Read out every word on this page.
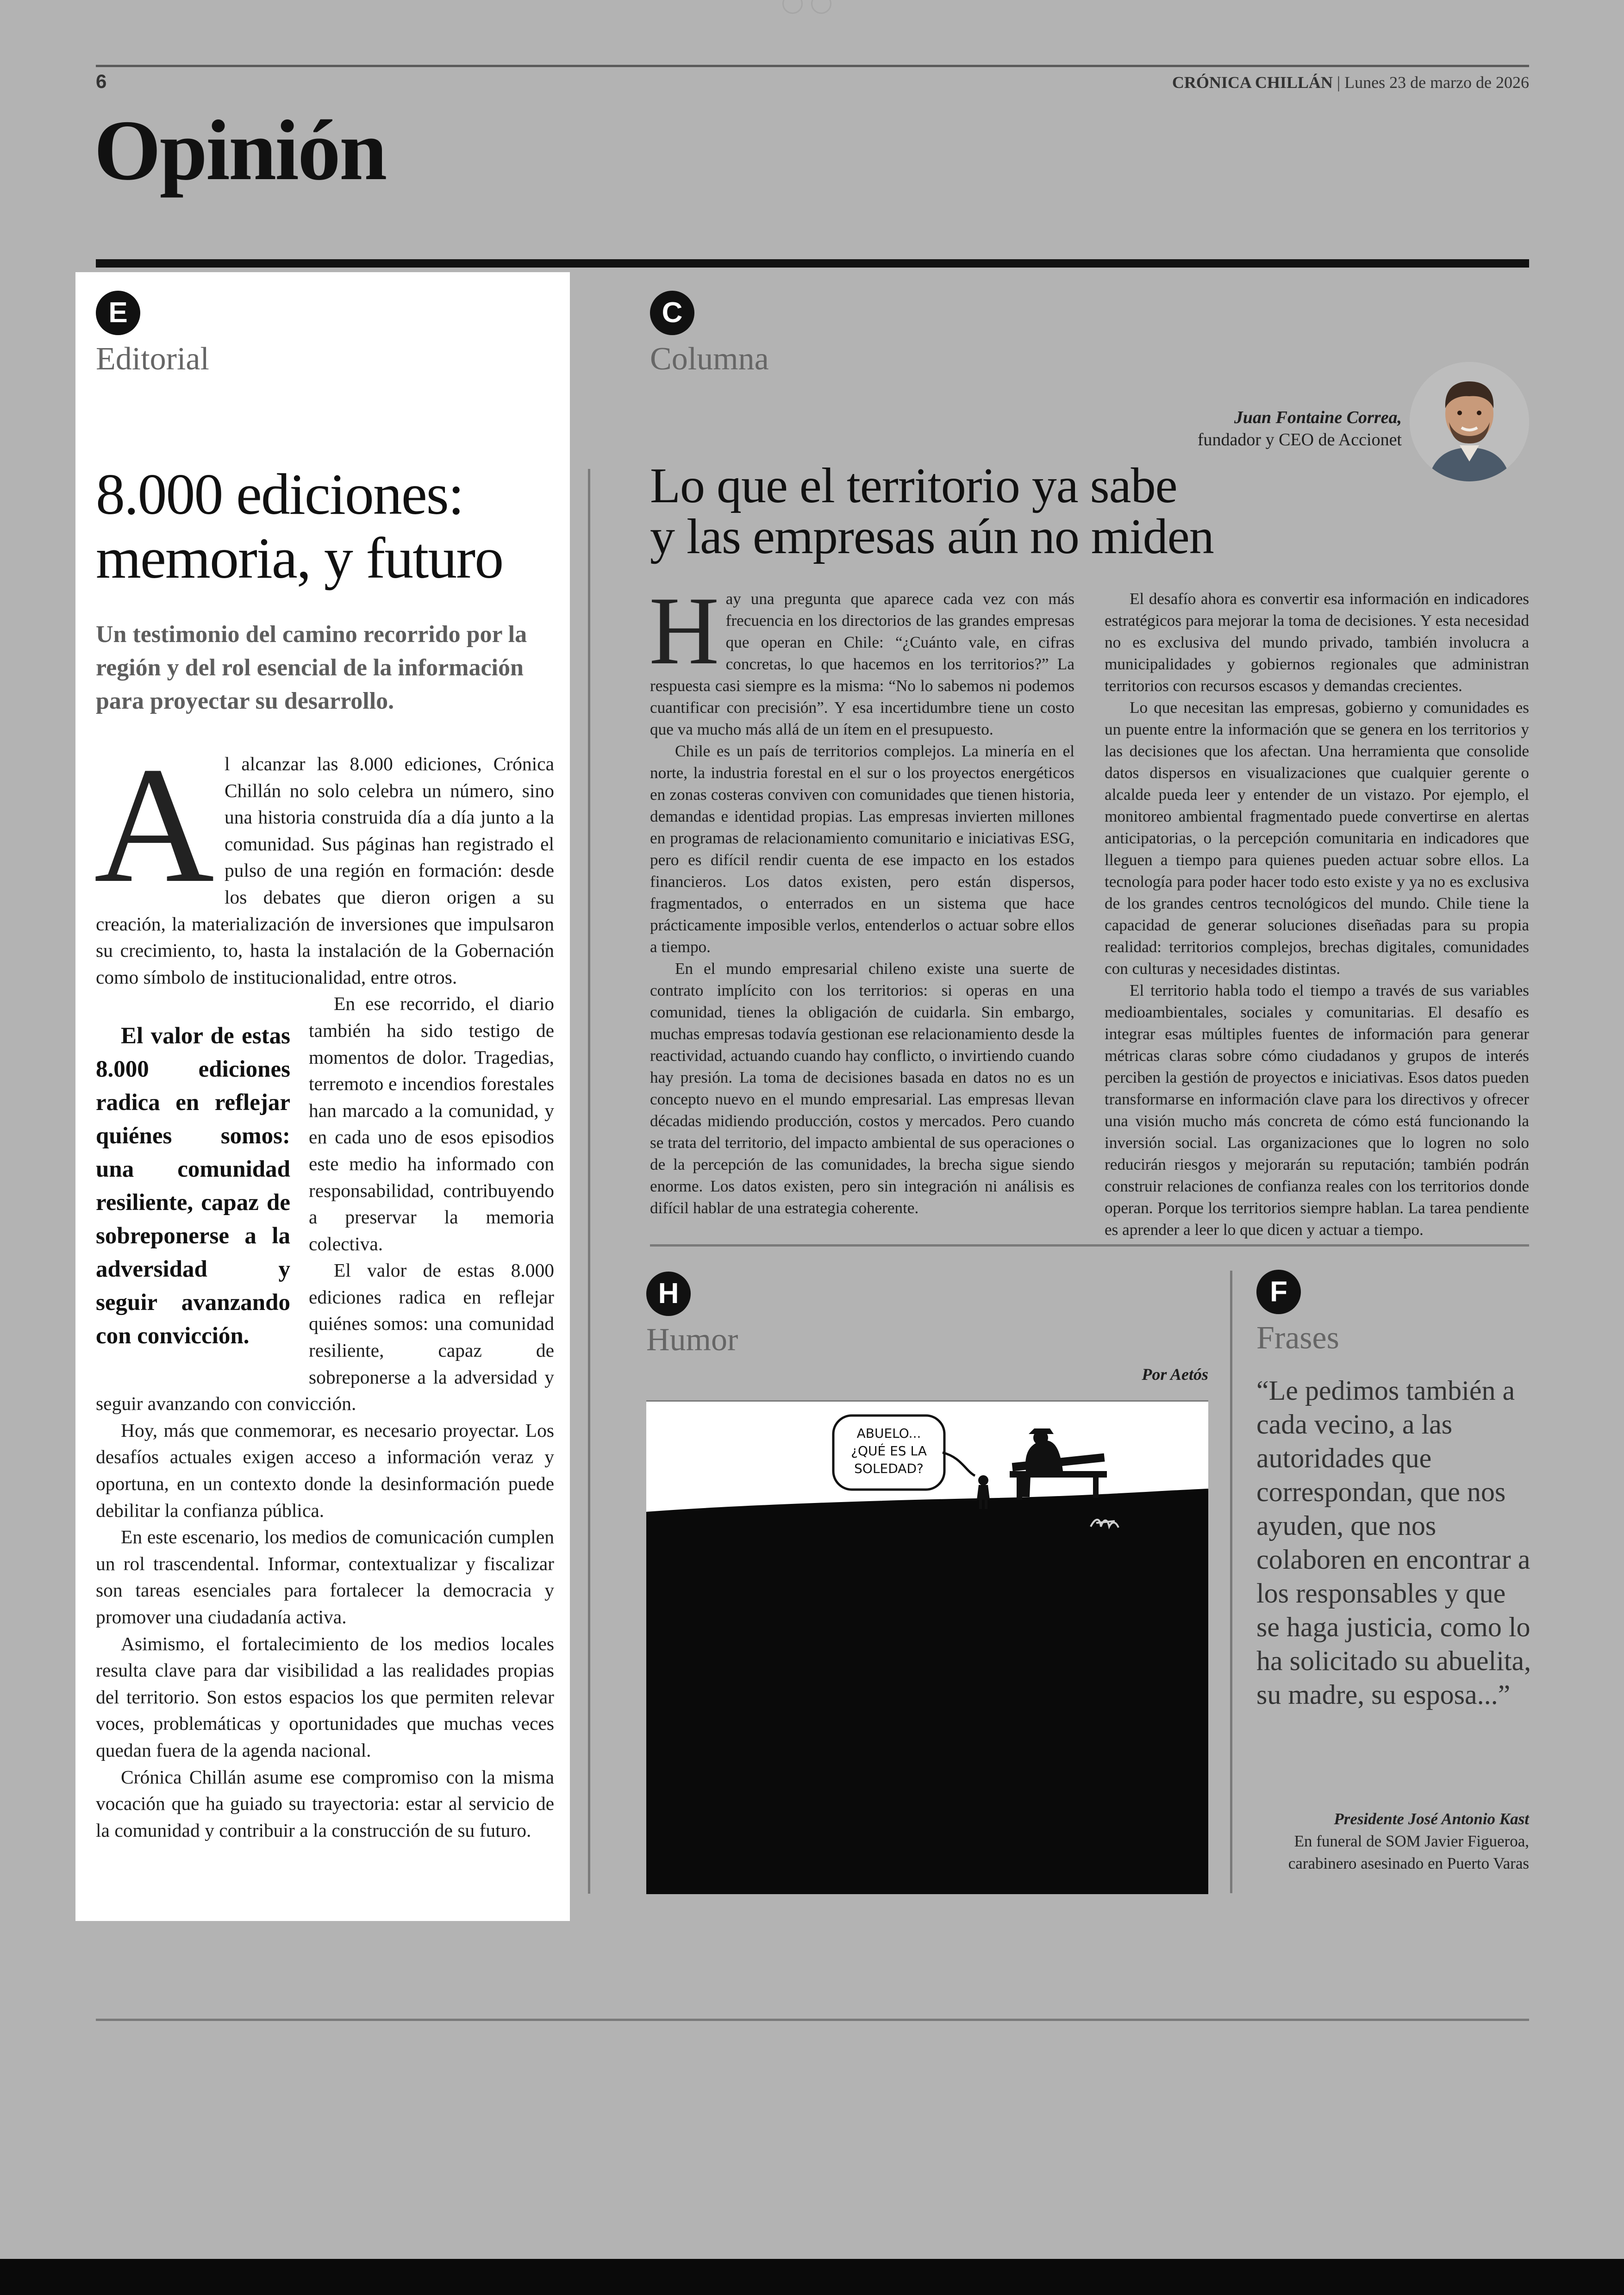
6	CRÓNICA CHILLÁN | Lunes 23 de marzo de 2026
Opinión
E
Editorial
8.000 ediciones:
memoria, y futuro
Un testimonio del camino recorrido por la región y del rol esencial de la información para proyectar su desarrollo.

Al alcanzar las 8.000 ediciones, Crónica Chillán no solo celebra un número, sino una historia construida día a día junto a la comunidad. Sus páginas han registrado el pulso de una región en formación: desde los debates que dieron origen a su creación, la materialización de inversiones que impulsaron su crecimiento, to, hasta la instalación de la Gobernación como símbolo de institucionalidad, entre otros.

El valor de estas 8.000 ediciones radica en reflejar quiénes somos: una comunidad resiliente, capaz de sobreponerse a la adversidad y seguir avanzando con convicción.
En ese recorrido, el diario también ha sido testigo de momentos de dolor. Tragedias, terremoto e incendios forestales han marcado a la comunidad, y en cada uno de esos episodios este medio ha informado con responsabilidad, contribuyendo a preservar la memoria colectiva.

El valor de estas 8.000 ediciones radica en reflejar quiénes somos: una comunidad resiliente, capaz de sobreponerse a la adversidad y seguir avanzando con convicción.

Hoy, más que conmemorar, es necesario proyectar. Los desafíos actuales exigen acceso a información veraz y oportuna, en un contexto donde la desinformación puede debilitar la confianza pública.

En este escenario, los medios de comunicación cumplen un rol trascendental. Informar, contextualizar y fiscalizar son tareas esenciales para fortalecer la democracia y promover una ciudadanía activa.

Asimismo, el fortalecimiento de los medios locales resulta clave para dar visibilidad a las realidades propias del territorio. Son estos espacios los que permiten relevar voces, problemáticas y oportunidades que muchas veces quedan fuera de la agenda nacional.

Crónica Chillán asume ese compromiso con la misma vocación que ha guiado su trayectoria: estar al servicio de la comunidad y contribuir a la construcción de su futuro.

C
Columna
Juan Fontaine Correa,
fundador y CEO de Accionet
Lo que el territorio ya sabe
y las empresas aún no miden

Hay una pregunta que aparece cada vez con más frecuencia en los directorios de las grandes empresas que operan en Chile: “¿Cuánto vale, en cifras concretas, lo que hacemos en los territorios?” La respuesta casi siempre es la misma: “No lo sabemos ni podemos cuantificar con precisión”. Y esa incertidumbre tiene un costo que va mucho más allá de un ítem en el presupuesto.

Chile es un país de territorios complejos. La minería en el norte, la industria forestal en el sur o los proyectos energéticos en zonas costeras conviven con comunidades que tienen historia, demandas e identidad propias. Las empresas invierten millones en programas de relacionamiento comunitario e iniciativas ESG, pero es difícil rendir cuenta de ese impacto en los estados financieros. Los datos existen, pero están dispersos, fragmentados, o enterrados en un sistema que hace prácticamente imposible verlos, entenderlos o actuar sobre ellos a tiempo.

En el mundo empresarial chileno existe una suerte de contrato implícito con los territorios: si operas en una comunidad, tienes la obligación de cuidarla. Sin embargo, muchas empresas todavía gestionan ese relacionamiento desde la reactividad, actuando cuando hay conflicto, o invirtiendo cuando hay presión. La toma de decisiones basada en datos no es un concepto nuevo en el mundo empresarial. Las empresas llevan décadas midiendo producción, costos y mercados. Pero cuando se trata del territorio, del impacto ambiental de sus operaciones o de la percepción de las comunidades, la brecha sigue siendo enorme. Los datos existen, pero sin integración ni análisis es difícil hablar de una estrategia coherente.

El desafío ahora es convertir esa información en indicadores estratégicos para mejorar la toma de decisiones. Y esta necesidad no es exclusiva del mundo privado, también involucra a municipalidades y gobiernos regionales que administran territorios con recursos escasos y demandas crecientes.

Lo que necesitan las empresas, gobierno y comunidades es un puente entre la información que se genera en los territorios y las decisiones que los afectan. Una herramienta que consolide datos dispersos en visualizaciones que cualquier gerente o alcalde pueda leer y entender de un vistazo. Por ejemplo, el monitoreo ambiental fragmentado puede convertirse en alertas anticipatorias, o la percepción comunitaria en indicadores que lleguen a tiempo para quienes pueden actuar sobre ellos. La tecnología para poder hacer todo esto existe y ya no es exclusiva de los grandes centros tecnológicos del mundo. Chile tiene la capacidad de generar soluciones diseñadas para su propia realidad: territorios complejos, brechas digitales, comunidades con culturas y necesidades distintas.

El territorio habla todo el tiempo a través de sus variables medioambientales, sociales y comunitarias. El desafío es integrar esas múltiples fuentes de información para generar métricas claras sobre cómo ciudadanos y grupos de interés perciben la gestión de proyectos e iniciativas. Esos datos pueden transformarse en información clave para los directivos y ofrecer una visión mucho más concreta de cómo está funcionando la inversión social. Las organizaciones que lo logren no solo reducirán riesgos y mejorarán su reputación; también podrán construir relaciones de confianza reales con los territorios donde operan. Porque los territorios siempre hablan. La tarea pendiente es aprender a leer lo que dicen y actuar a tiempo.

H
Humor
Por Aetós
ABUELO...
¿QUÉ ES LA
SOLEDAD?
F
Frases
“Le pedimos también a cada vecino, a las autoridades que correspondan, que nos ayuden, que nos colaboren en encontrar a los responsables y que se haga justicia, como lo ha solicitado su abuelita, su madre, su esposa...”
Presidente José Antonio Kast
En funeral de SOM Javier Figueroa,
carabinero asesinado en Puerto Varas
